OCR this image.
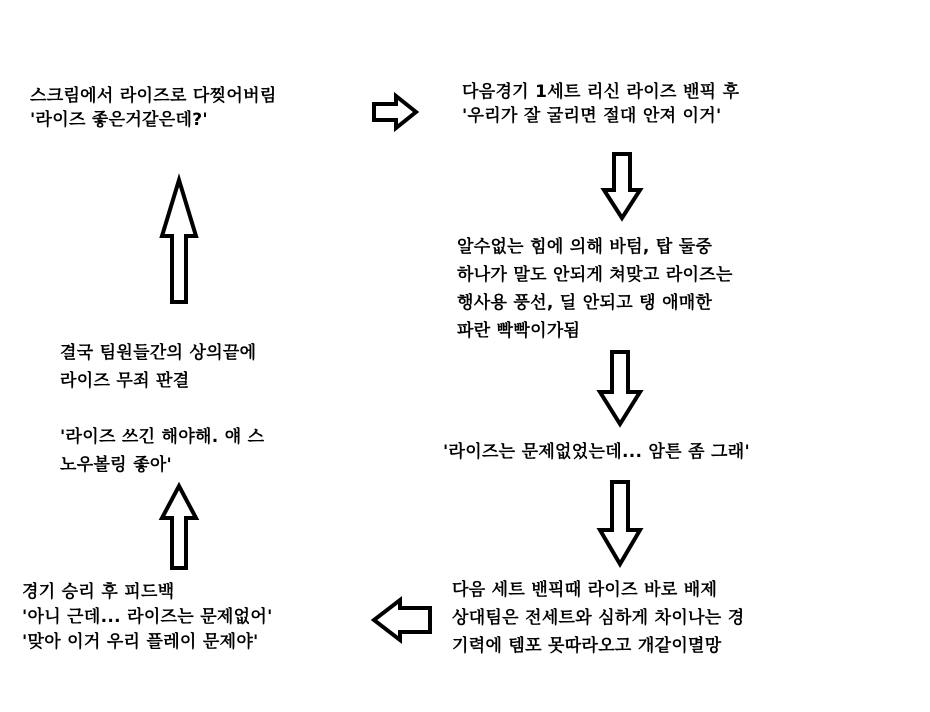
스크림에서 라이즈로 다찢어버림
'라이즈 좋은거같은데?'
다음경기 1세트 리신 라이즈 밴픽 후
'우리가 잘 굴리면 절대 안져 이거'
알수없는 힘에 의해 바텀, 탑 둘중
하나가 말도 안되게 쳐맞고 라이즈는
행사용 풍선, 딜 안되고 탱 애매한
파란 빡빡이가됨
'라이즈는 문제없었는데... 암튼 좀 그래'
다음 세트 밴픽때 라이즈 바로 배제
상대팀은 전세트와 심하게 차이나는 경
기력에 템포 못따라오고 개같이멸망
경기 승리 후 피드백
'아니 근데... 라이즈는 문제없어'
'맞아 이거 우리 플레이 문제야'
결국 팀원들간의 상의끝에
라이즈 무죄 판결

'라이즈 쓰긴 해야해. 얘 스
노우볼링 좋아'
